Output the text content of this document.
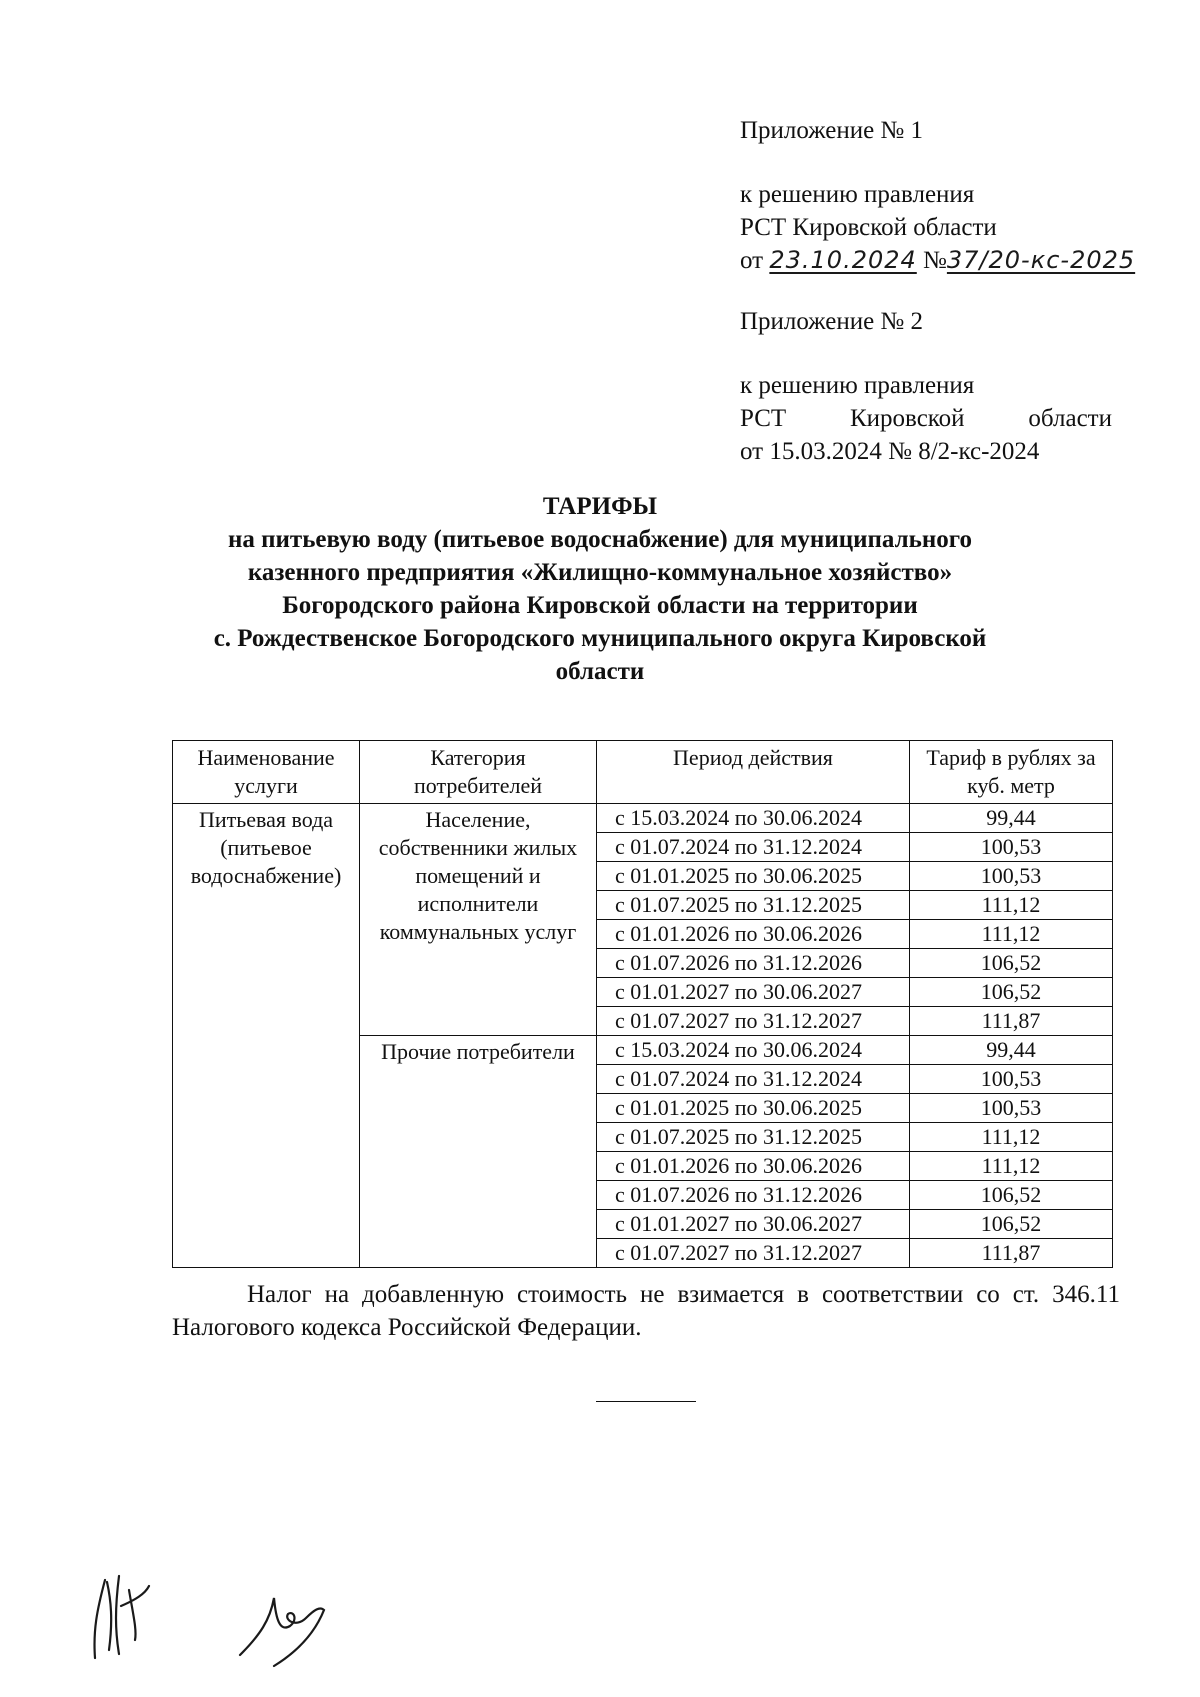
Приложение № 1

к решению правления

РСТ Кировской области

от 23.10.2024 №37/20-кс-2025

Приложение № 2

к решению правления

РСТ	Кировской	области

от 15.03.2024 № 8/2-кс-2024

ТАРИФЫ

на питьевую воду (питьевое водоснабжение) для муниципального

казенного предприятия «Жилищно-коммунальное хозяйство»

Богородского района Кировской области на территории

с. Рождественское Богородского муниципального округа Кировской

области

Наименование услуги	Категория потребителей	Период действия	Тариф в рублях за куб. метр
Питьевая вода (питьевое водоснабжение)	Население, собственники жилых помещений и исполнители коммунальных услуг	с 15.03.2024 по 30.06.2024	99,44
		с 01.07.2024 по 31.12.2024	100,53
		с 01.01.2025 по 30.06.2025	100,53
		с 01.07.2025 по 31.12.2025	111,12
		с 01.01.2026 по 30.06.2026	111,12
		с 01.07.2026 по 31.12.2026	106,52
		с 01.01.2027 по 30.06.2027	106,52
		с 01.07.2027 по 31.12.2027	111,87
	Прочие потребители	с 15.03.2024 по 30.06.2024	99,44
		с 01.07.2024 по 31.12.2024	100,53
		с 01.01.2025 по 30.06.2025	100,53
		с 01.07.2025 по 31.12.2025	111,12
		с 01.01.2026 по 30.06.2026	111,12
		с 01.07.2026 по 31.12.2026	106,52
		с 01.01.2027 по 30.06.2027	106,52
		с 01.07.2027 по 31.12.2027	111,87

Налог на добавленную стоимость не взимается в соответствии со ст. 346.11 Налогового кодекса Российской Федерации.
